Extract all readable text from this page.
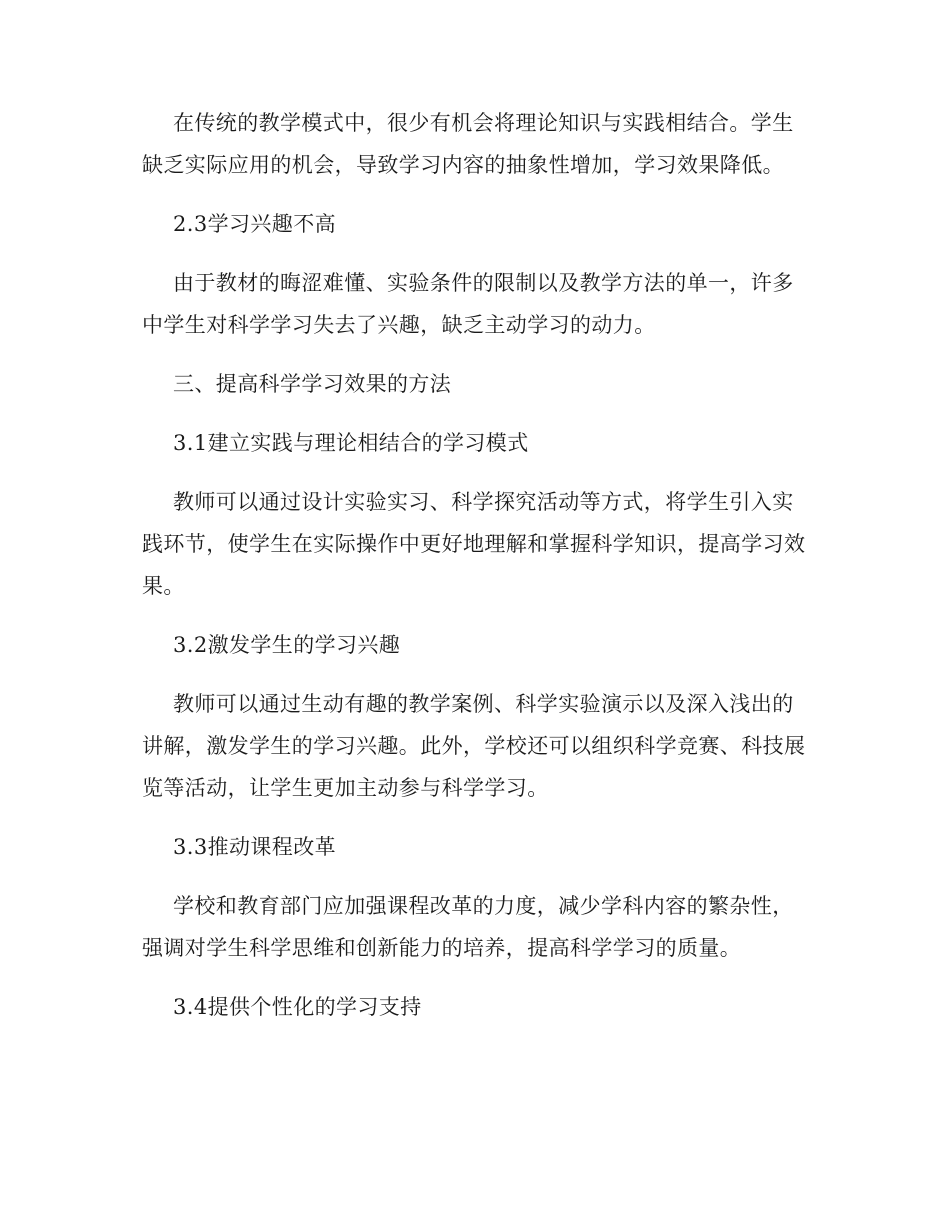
在传统的教学模式中，很少有机会将理论知识与实践相结合。学生缺乏实际应用的机会，导致学习内容的抽象性增加，学习效果降低。

2.3学习兴趣不高

由于教材的晦涩难懂、实验条件的限制以及教学方法的单一，许多中学生对科学学习失去了兴趣，缺乏主动学习的动力。

三、提高科学学习效果的方法

3.1建立实践与理论相结合的学习模式

教师可以通过设计实验实习、科学探究活动等方式，将学生引入实践环节，使学生在实际操作中更好地理解和掌握科学知识，提高学习效果。

3.2激发学生的学习兴趣

教师可以通过生动有趣的教学案例、科学实验演示以及深入浅出的讲解，激发学生的学习兴趣。此外，学校还可以组织科学竞赛、科技展览等活动，让学生更加主动参与科学学习。

3.3推动课程改革

学校和教育部门应加强课程改革的力度，减少学科内容的繁杂性，强调对学生科学思维和创新能力的培养，提高科学学习的质量。

3.4提供个性化的学习支持
